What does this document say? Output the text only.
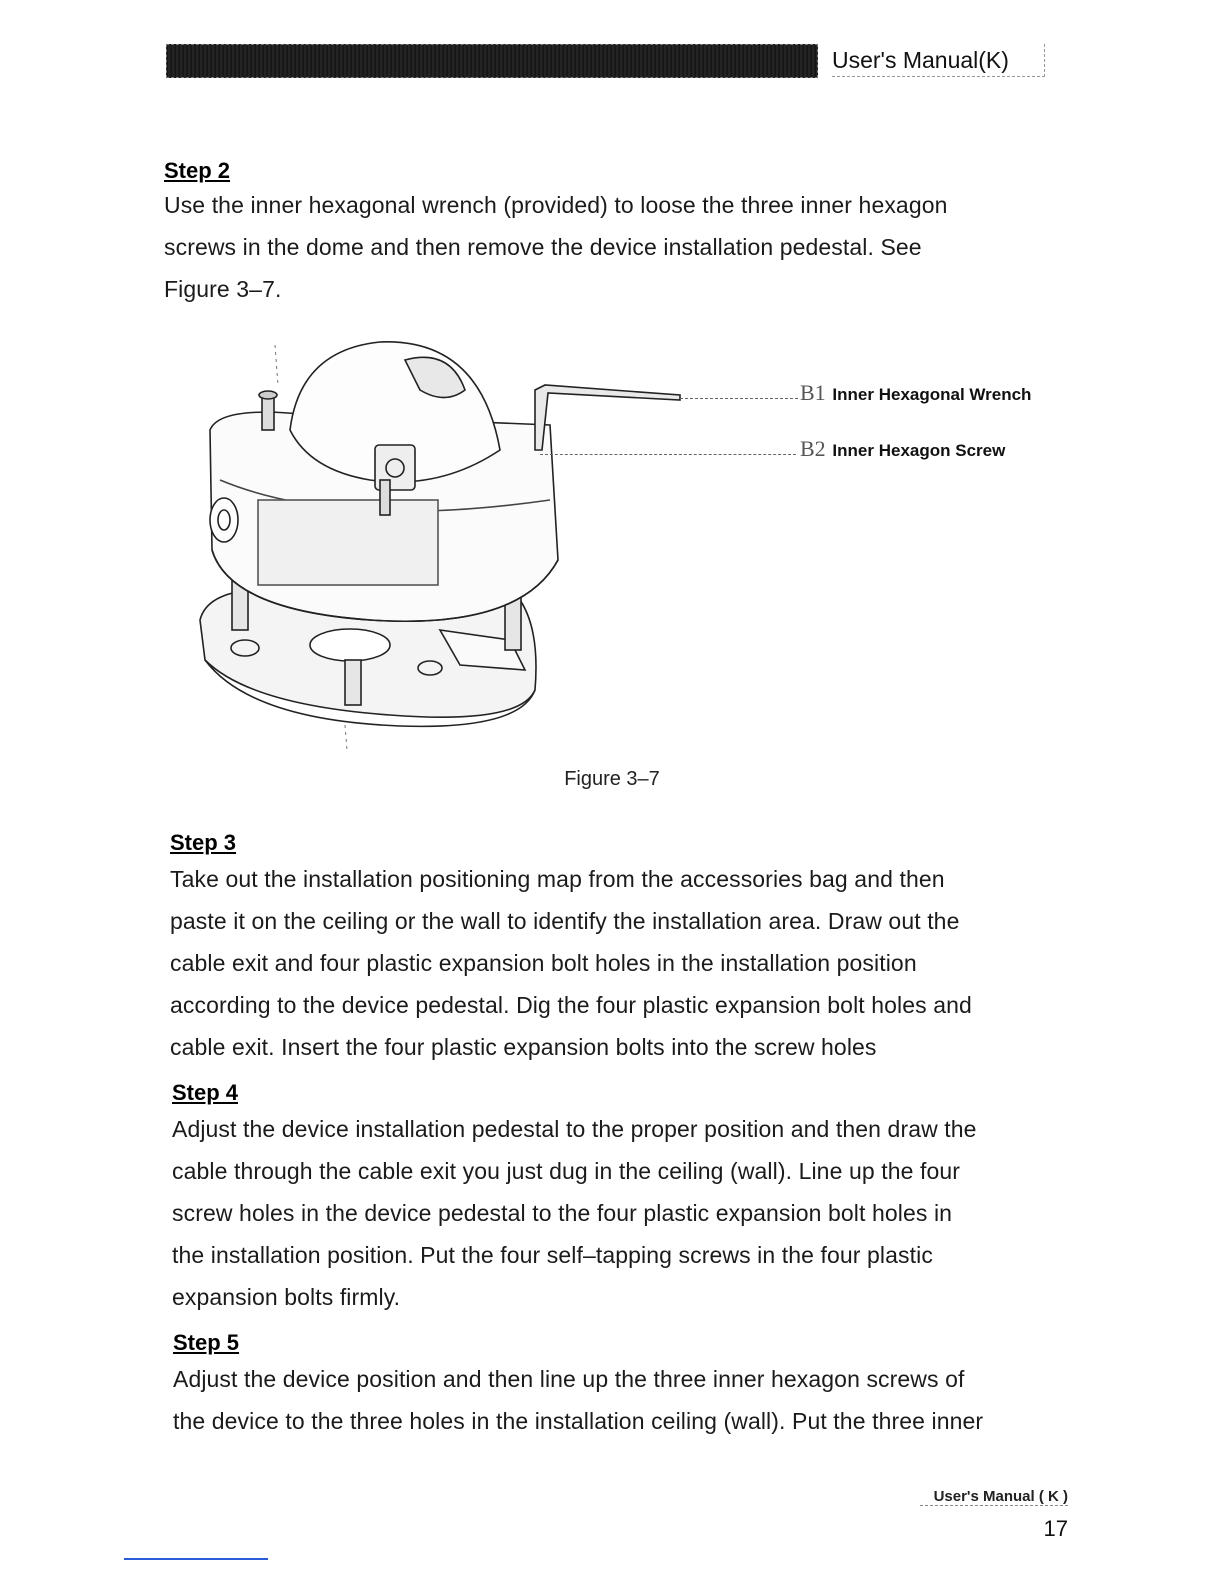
User's Manual(K)
Step 2
Use the inner hexagonal wrench (provided) to loose the three inner hexagon
screws in the dome and then remove the device installation pedestal. See
Figure 3–7.
B1 Inner Hexagonal Wrench
B2 Inner Hexagon Screw
Figure 3–7
Step 3
Take out the installation positioning map from the accessories bag and then
paste it on the ceiling or the wall to identify the installation area. Draw out the
cable exit and four plastic expansion bolt holes in the installation position
according to the device pedestal. Dig the four plastic expansion bolt holes and
cable exit. Insert the four plastic expansion bolts into the screw holes
Step 4
Adjust the device installation pedestal to the proper position and then draw the
cable through the cable exit you just dug in the ceiling (wall). Line up the four
screw holes in the device pedestal to the four plastic expansion bolt holes in
the installation position. Put the four self–tapping screws in the four plastic
expansion bolts firmly.
Step 5
Adjust the device position and then line up the three inner hexagon screws of
the device to the three holes in the installation ceiling (wall). Put the three inner
User's Manual ( K )
17
